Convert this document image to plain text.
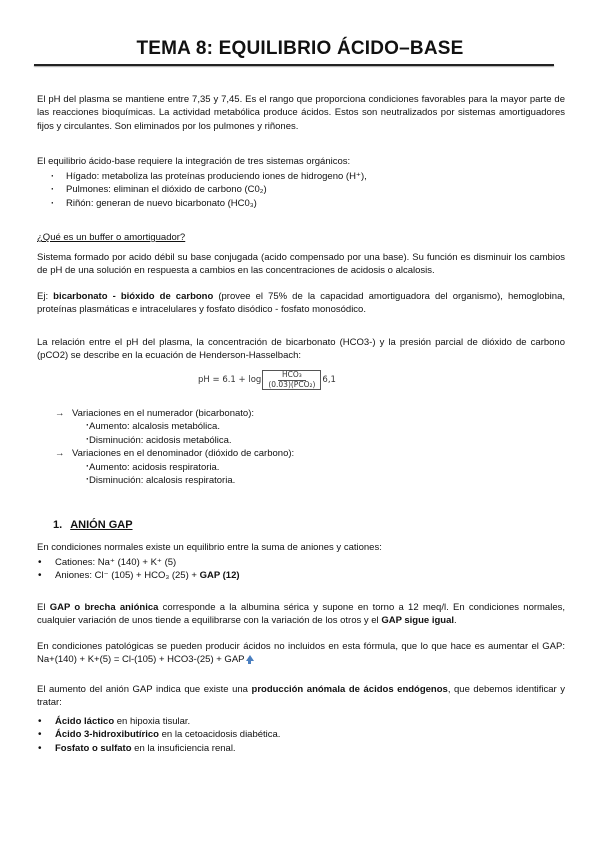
TEMA 8: EQUILIBRIO ÁCIDO–BASE

El pH del plasma se mantiene entre 7,35 y 7,45. Es el rango que proporciona condiciones favorables para la mayor parte de las reacciones bioquímicas. La actividad metabólica produce ácidos. Estos son neutralizados por sistemas amortiguadores fijos y circulantes. Son eliminados por los pulmones y riñones.

El equilibrio ácido-base requiere la integración de tres sistemas orgánicos:

· Hígado: metaboliza las proteínas produciendo iones de hidrogeno (H⁺),
· Pulmones: eliminan el dióxido de carbono (C0₂)
· Riñón: generan de nuevo bicarbonato (HC0₃)

¿Qué es un buffer o amortiguador?

Sistema formado por acido débil su base conjugada (acido compensado por una base). Su función es disminuir los cambios de pH de una solución en respuesta a cambios en las concentraciones de acidosis o alcalosis.

Ej: bicarbonato - bióxido de carbono (provee el 75% de la capacidad amortiguadora del organismo), hemoglobina, proteínas plasmáticas e intracelulares y fosfato disódico - fosfato monosódico.

La relación entre el pH del plasma, la concentración de bicarbonato (HCO3-) y la presión parcial de dióxido de carbono (pCO2) se describe en la ecuación de Henderson-Hasselbach:

pH = $6.1 + \log \frac{\text{HCO₃}}{\text{(0.03)(PCO₂)}} 6,1$
→ Variaciones en el numerador (bicarbonato):
· Aumento: alcalosis metabólica.
· Disminución: acidosis metabólica.
→ Variaciones en el denominador (dióxido de carbono):
· Aumento: acidosis respiratoria.
· Disminución: alcalosis respiratoria.
1. ANIÓN GAP

En condiciones normales existe un equilibrio entre la suma de aniones y cationes:

• Cationes: Na⁺ (140) + K⁺ (5)
• Aniones: Cl⁻ (105) + HCO₃ (25) + GAP (12)

El GAP o brecha aniónica corresponde a la albumina sérica y supone en torno a 12 meq/l. En condiciones normales, cualquier variación de unos tiende a equilibrarse con la variación de los otros y el GAP sigue igual.

En condiciones patológicas se pueden producir ácidos no incluidos en esta fórmula, que lo que hace es aumentar el GAP: Na+(140) + K+(5) = Cl-(105) + HCO3-(25) + GAP

El aumento del anión GAP indica que existe una producción anómala de ácidos endógenos, que debemos identificar y tratar:

• Ácido láctico en hipoxia tisular.
• Ácido 3-hidroxibutírico en la cetoacidosis diabética.
• Fosfato o sulfato en la insuficiencia renal.
